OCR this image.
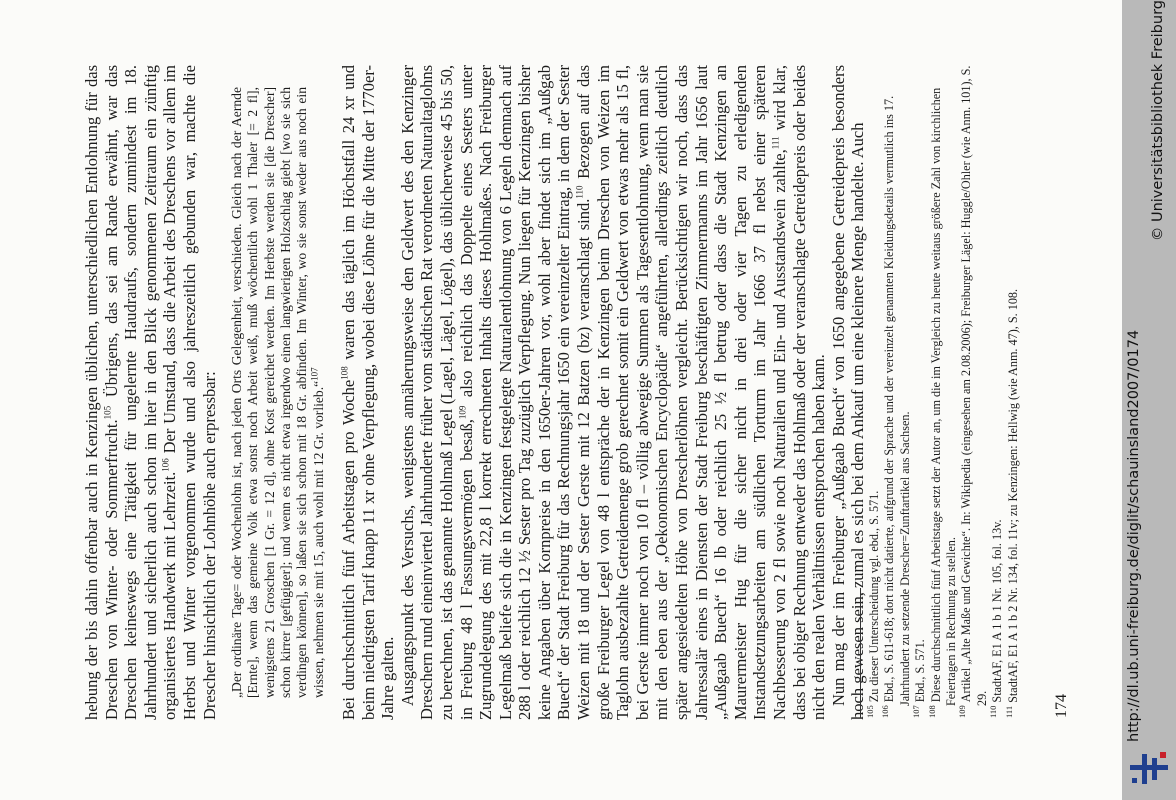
hebung der bis dahin offenbar auch in Kenzingen üblichen, unterschiedlichen Entlohnung für das Dreschen von Winter- oder Sommerfrucht.$^{105}$ Übrigens, das sei am Rande erwähnt, war das Dreschen keineswegs eine Tätigkeit für ungelernte Haudraufs, sondern zumindest im 18. Jahrhundert und sicherlich auch schon im hier in den Blick genommenen Zeitraum ein zünftig organisiertes Handwerk mit Lehrzeit.$^{106}$ Der Umstand, dass die Arbeit des Dreschens vor allem im Herbst und Winter vorgenommen wurde und also jahreszeitlich gebunden war, machte die Drescher hinsichtlich der Lohnhöhe auch erpressbar: „Der ordinäre Tage= oder Wochenlohn ist, nach jeden Orts Gelegenheit, verschieden. Gleich nach der Aernde [Ernte], wenn das gemeine Volk etwa sonst noch Arbeit weiß, muß wöchentlich wohl 1 Thaler [= 2 fl], wenigstens 21 Groschen [1 Gr. = 12 d], ohne Kost gereichet werden. Im Herbste werden sie [die Drescher] schon kirrer [gefügiger]; und wenn es nicht etwa irgendwo einen langwierigen Holzschlag giebt [wo sie sich verdingen können], so laßen sie sich schon mit 18 Gr. abfinden. Im Winter, wo sie sonst weder aus noch ein wissen, nehmen sie mit 15, auch wohl mit 12 Gr. vorlieb.“$^{107}$

Bei durchschnittlich fünf Arbeitstagen pro Woche$^{108}$ waren das täglich im Höchstfall 24 xr und beim niedrigsten Tarif knapp 11 xr ohne Verpflegung, wobei diese Löhne für die Mitte der 1770er-Jahre galten. Ausgangspunkt des Versuchs, wenigstens annäherungsweise den Geldwert des den Kenzinger Dreschern rund eineinviertel Jahrhunderte früher vom städtischen Rat verordneten Naturaltaglohns zu berechnen, ist das genannte Hohlmaß Legel (Lagel, Lägel, Lögel), das üblicherweise 45 bis 50, in Freiburg 48 l Fassungsvermögen besaß,$^{109}$ also reichlich das Doppelte eines Sesters unter Zugrundelegung des mit 22,8 l korrekt errechneten Inhalts dieses Hohlmaßes. Nach Freiburger Legelmaß beliefe sich die in Kenzingen festgelegte Naturalentlohnung von 6 Legeln demnach auf 288 l oder reichlich 12 ½ Sester pro Tag zuzüglich Verpflegung. Nun liegen für Kenzingen bisher keine Angaben über Kornpreise in den 1650er-Jahren vor, wohl aber findet sich im „Außgab Buech“ der Stadt Freiburg für das Rechnungsjahr 1650 ein vereinzelter Eintrag, in dem der Sester Weizen mit 18 und der Sester Gerste mit 12 Batzen (bz) veranschlagt sind.$^{110}$ Bezogen auf das große Freiburger Legel von 48 l entspräche der in Kenzingen beim Dreschen von Weizen im Taglohn ausbezahlte Getreidemenge grob gerechnet somit ein Geldwert von etwas mehr als 15 fl, bei Gerste immer noch von 10 fl – völlig abwegige Summen als Tagesentlohnung, wenn man sie mit den eben aus der „Oekonomischen Encyclopädie“ angeführten, allerdings zeitlich deutlich später angesiedelten Höhe von Drescherlöhnen vergleicht. Berücksichtigen wir noch, dass das Jahressalär eines in Diensten der Stadt Freiburg beschäftigten Zimmermanns im Jahr 1656 laut „Außgaab Buech“ 16 lb oder reichlich 25 ½ fl betrug oder dass die Stadt Kenzingen an Maurermeister Hug für die sicher nicht in drei oder vier Tagen zu erledigenden Instandsetzungsarbeiten am südlichen Torturm im Jahr 1666 37 fl nebst einer späteren Nachbesserung von 2 fl sowie noch Naturalien und Ein- und Ausstandswein zahlte,$^{111}$ wird klar, dass bei obiger Rechnung entweder das Hohlmaß oder der veranschlagte Getreidepreis oder beides nicht den realen Verhältnissen entsprochen haben kann. Nun mag der im Freiburger „Außgaab Buech“ von 1650 angegebene Getreidepreis besonders hoch gewesen sein, zumal es sich bei dem Ankauf um eine kleinere Menge handelte. Auch

$^{105}$Zu dieser Unterscheidung vgl. ebd., S. 571.

$^{106}$Ebd., S. 611-618; dort nicht datierte, aufgrund der Sprache und der vereinzelt genannten Kleidungsdetails vermutlich ins 17. Jahrhundert zu setzende Drescher=Zunftartikel aus Sachsen.

$^{107}$Ebd., S. 571.

$^{108}$Diese durchschnittlich fünf Arbeitstage setzt der Autor an, um die im Vergleich zu heute weitaus größere Zahl von kirchlichen Feiertagen in Rechnung zu stellen.

$^{109}$Artikel „Alte Maße und Gewichte“. In: Wikipedia (eingesehen am 2.08.2006); Freiburger Lägel: Huggle/Ohler (wie Anm. 101), S. 29.

$^{110}$StadtAF, E1 A 1 b 1 Nr. 105, fol. 13v.

$^{111}$StadtAF, E1 A 1 b 2 Nr. 134, fol. 11v; zu Kenzingen: Hellwig (wie Anm. 47), S. 108.

174	http://dl.ub.uni-freiburg.de/diglit/schauinsland2007/0174
© Universitätsbibliothek Freiburg
